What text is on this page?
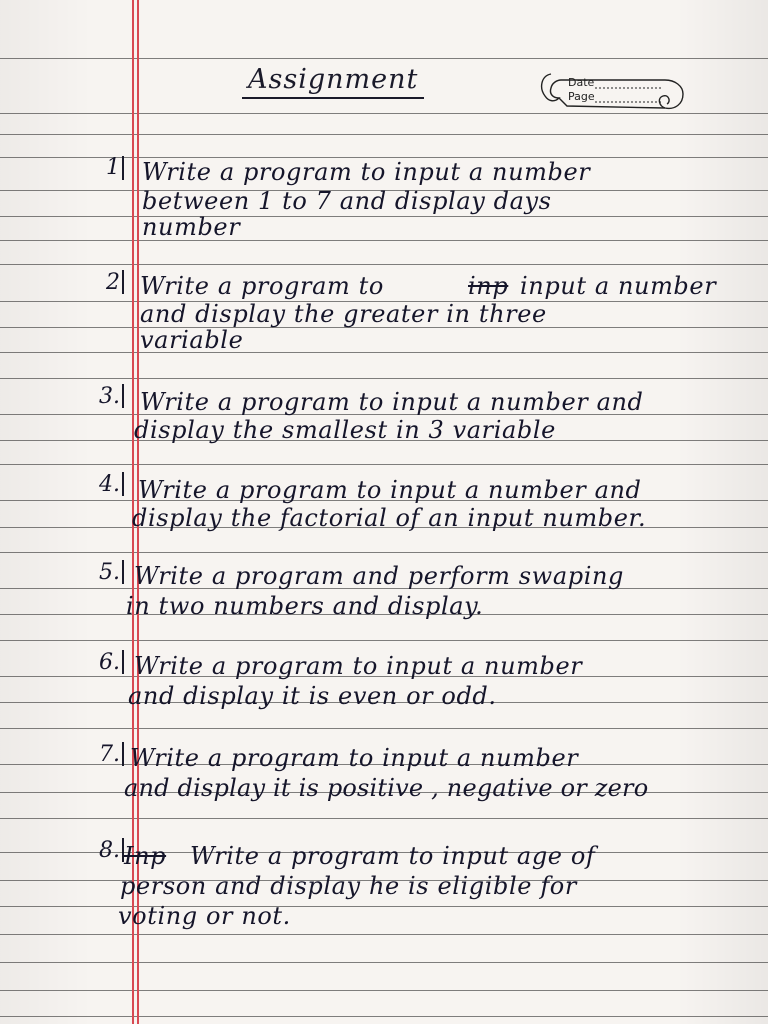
Assignment	Date
Page
1 Write a program to input a number
between 1 to 7 and display days
number
2 Write a program to	inp input a number
and display the greater in three
variable
3. Write a program to input a number and
display the smallest in 3 variable
4. Write a program to input a number and
display the factorial of an input number.
5. Write a program and perform swaping
in two numbers and display.
6. Write a program to input a number
and display it is even or odd.
7. Write a program to input a number
and display it is positive , negative or zero
8. Inp Write a program to input age of
person and display he is eligible for
voting or not.
